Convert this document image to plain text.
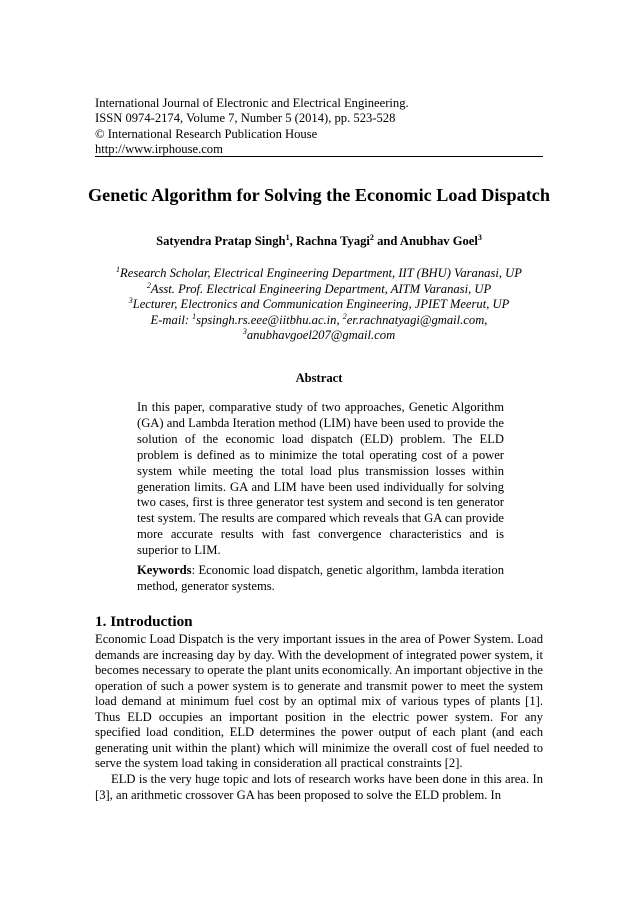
International Journal of Electronic and Electrical Engineering.
ISSN 0974-2174, Volume 7, Number 5 (2014), pp. 523-528
© International Research Publication House
http://www.irphouse.com
Genetic Algorithm for Solving the Economic Load Dispatch
Satyendra Pratap Singh$^1$, Rachna Tyagi$^2$ and Anubhav Goel$^3$
$^1$Research Scholar, Electrical Engineering Department, IIT (BHU) Varanasi, UP
$^2$Asst. Prof. Electrical Engineering Department, AITM Varanasi, UP
$^3$Lecturer, Electronics and Communication Engineering, JPIET Meerut, UP
E-mail: $^1$spsingh.rs.eee@iitbhu.ac.in, $^2$er.rachnatyagi@gmail.com,
$^3$anubhavgoel207@gmail.com
Abstract

In this paper, comparative study of two approaches, Genetic Algorithm (GA) and Lambda Iteration method (LIM) have been used to provide the solution of the economic load dispatch (ELD) problem. The ELD problem is defined as to minimize the total operating cost of a power system while meeting the total load plus transmission losses within generation limits. GA and LIM have been used individually for solving two cases, first is three generator test system and second is ten generator test system. The results are compared which reveals that GA can provide more accurate results with fast convergence characteristics and is superior to LIM.

Keywords: Economic load dispatch, genetic algorithm, lambda iteration method, generator systems.

1. Introduction

Economic Load Dispatch is the very important issues in the area of Power System. Load demands are increasing day by day. With the development of integrated power system, it becomes necessary to operate the plant units economically. An important objective in the operation of such a power system is to generate and transmit power to meet the system load demand at minimum fuel cost by an optimal mix of various types of plants [1]. Thus ELD occupies an important position in the electric power system. For any specified load condition, ELD determines the power output of each plant (and each generating unit within the plant) which will minimize the overall cost of fuel needed to serve the system load taking in consideration all practical constraints [2].

ELD is the very huge topic and lots of research works have been done in this area. In [3], an arithmetic crossover GA has been proposed to solve the ELD problem. In
